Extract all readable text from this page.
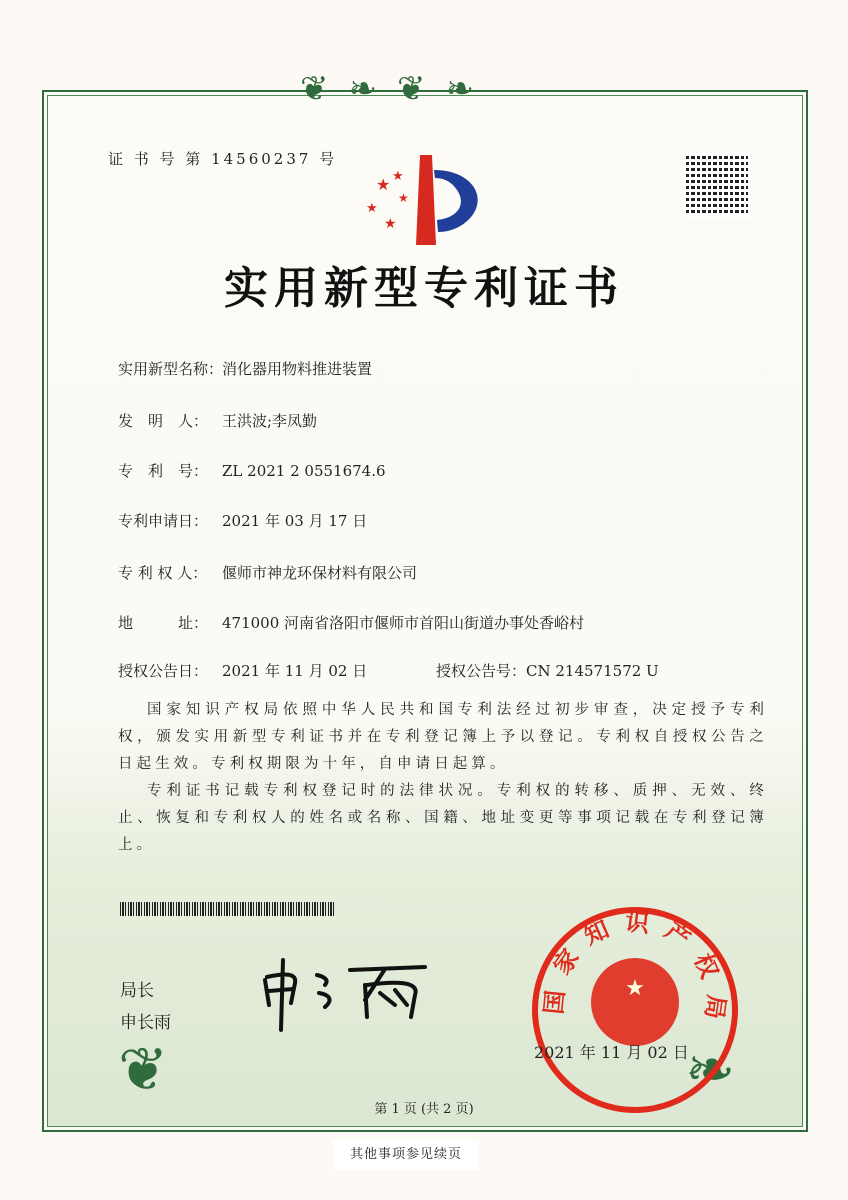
❦❧❦❧
❦	❧
证 书 号 第 14560237 号
★ ★
★
★
★
实用新型专利证书
实用新型名称：消化器用物料推进装置
发　明　人： 王洪波;李凤勤
专　利　号： ZL 2021 2 0551674.6
专利申请日： 2021 年 03 月 17 日
专 利 权 人： 偃师市神龙环保材料有限公司
地　　　址： 471000 河南省洛阳市偃师市首阳山街道办事处香峪村
授权公告日： 2021 年 11 月 02 日	授权公告号：CN 214571572 U
国家知识产权局依照中华人民共和国专利法经过初步审查，决定授予专利权，颁发实用新型专利证书并在专利登记簿上予以登记。专利权自授权公告之日起生效。专利权期限为十年，自申请日起算。
专利证书记载专利权登记时的法律状况。专利权的转移、质押、无效、终止、恢复和专利权人的姓名或名称、国籍、地址变更等事项记载在专利登记簿上。
局长
申长雨
★
国家知识产权局
2021 年 11 月 02 日
第 1 页 (共 2 页)
其他事项参见续页
